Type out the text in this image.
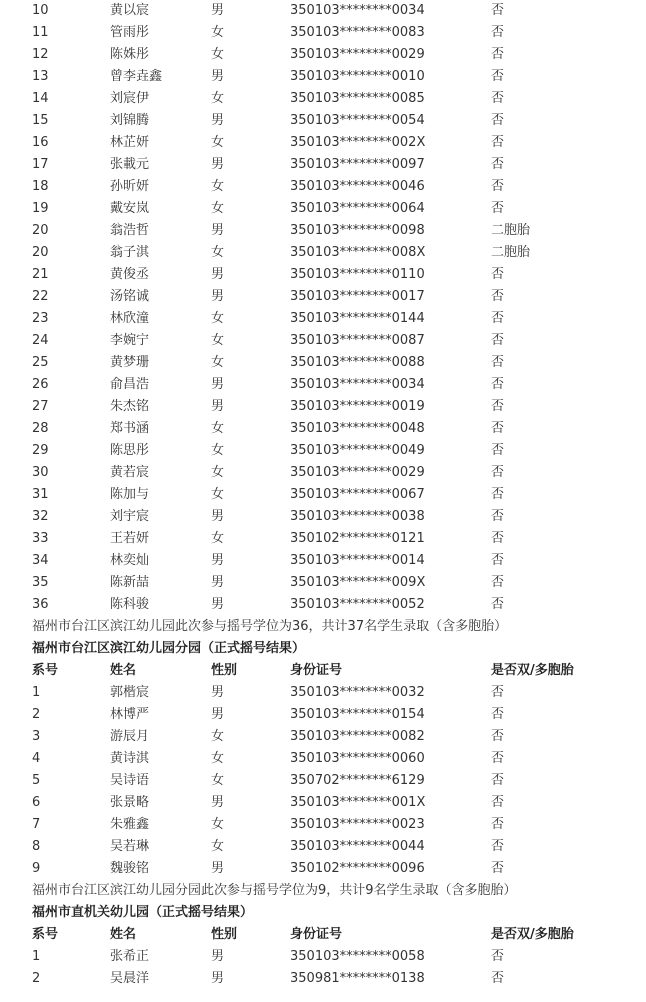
10	黄以宸	男	350103********0034	否
11	管雨彤	女	350103********0083	否
12	陈姝彤	女	350103********0029	否
13	曾李垚鑫	男	350103********0010	否
14	刘宸伊	女	350103********0085	否
15	刘锦腾	男	350103********0054	否
16	林芷妍	女	350103********002X	否
17	张載元	男	350103********0097	否
18	孙昕妍	女	350103********0046	否
19	戴安岚	女	350103********0064	否
20	翁浩哲	男	350103********0098	二胞胎
20	翁子淇	女	350103********008X	二胞胎
21	黄俊丞	男	350103********0110	否
22	汤铭诚	男	350103********0017	否
23	林欣潼	女	350103********0144	否
24	李婉宁	女	350103********0087	否
25	黄梦珊	女	350103********0088	否
26	俞昌浩	男	350103********0034	否
27	朱杰铭	男	350103********0019	否
28	郑书涵	女	350103********0048	否
29	陈思彤	女	350103********0049	否
30	黄若宸	女	350103********0029	否
31	陈加与	女	350103********0067	否
32	刘宇宸	男	350103********0038	否
33	王若妍	女	350102********0121	否
34	林奕灿	男	350103********0014	否
35	陈新喆	男	350103********009X	否
36	陈科骏	男	350103********0052	否
福州市台江区滨江幼儿园此次参与摇号学位为36，共计37名学生录取（含多胞胎）
福州市台江区滨江幼儿园分园（正式摇号结果）
系号	姓名	性别	身份证号	是否双/多胞胎
1	郭楷宸	男	350103********0032	否
2	林博严	男	350103********0154	否
3	游辰月	女	350103********0082	否
4	黄诗淇	女	350103********0060	否
5	吴诗语	女	350702********6129	否
6	张景略	男	350103********001X	否
7	朱雅鑫	女	350103********0023	否
8	吴若琳	女	350103********0044	否
9	魏骏铭	男	350102********0096	否
福州市台江区滨江幼儿园分园此次参与摇号学位为9，共计9名学生录取（含多胞胎）
福州市直机关幼儿园（正式摇号结果）
系号	姓名	性别	身份证号	是否双/多胞胎
1	张希正	男	350103********0058	否
2	吴晨洋	男	350981********0138	否
